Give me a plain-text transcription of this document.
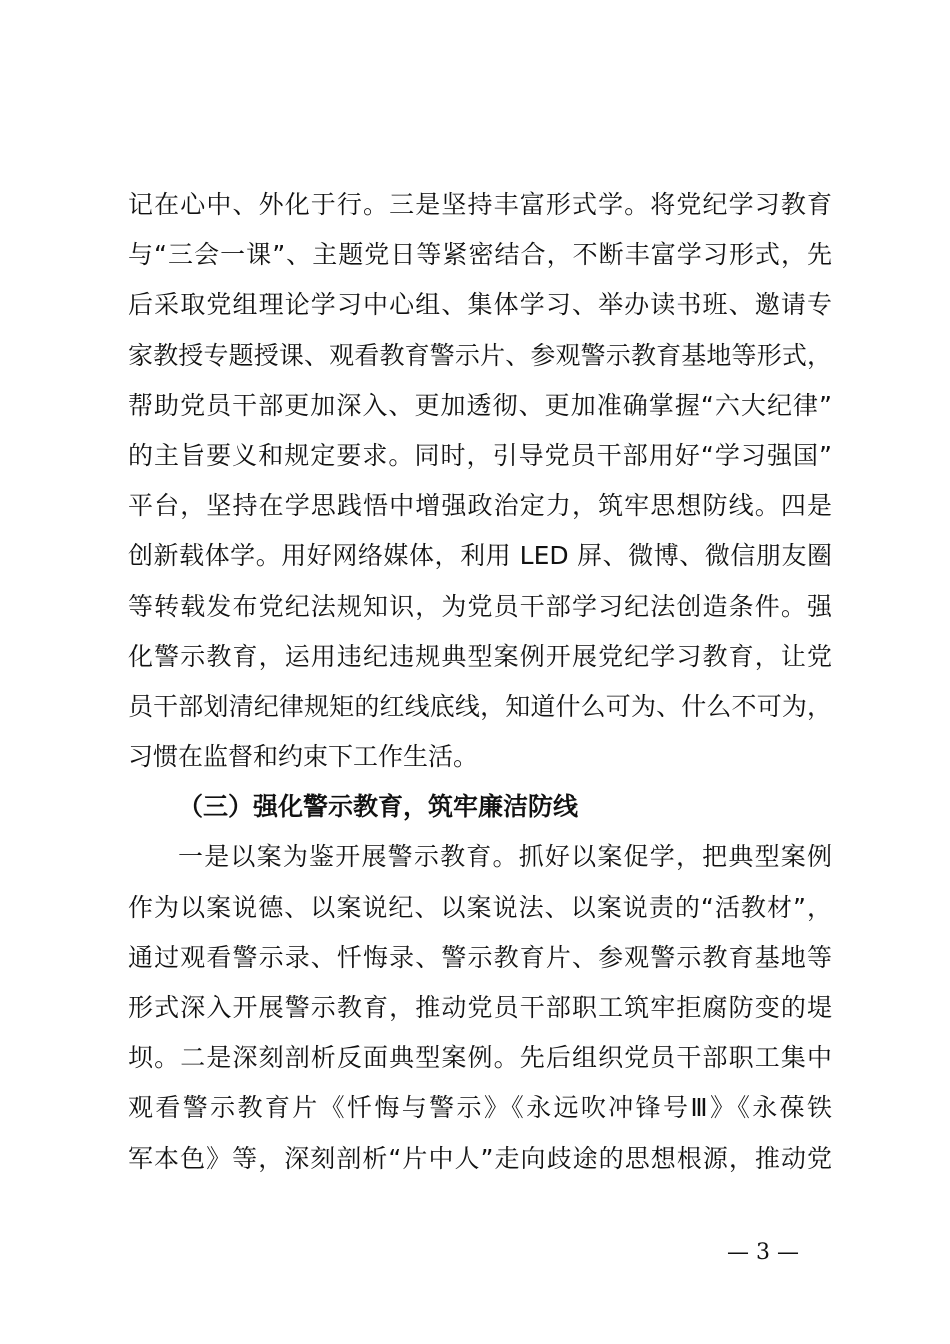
记在心中、外化于行。三是坚持丰富形式学。将党纪学习教育
与“三会一课”、主题党日等紧密结合，不断丰富学习形式，先
后采取党组理论学习中心组、集体学习、举办读书班、邀请专
家教授专题授课、观看教育警示片、参观警示教育基地等形式，
帮助党员干部更加深入、更加透彻、更加准确掌握“六大纪律”
的主旨要义和规定要求。同时，引导党员干部用好“学习强国”
平台，坚持在学思践悟中增强政治定力，筑牢思想防线。四是
创新载体学。用好网络媒体，利用 LED 屏、微博、微信朋友圈
等转载发布党纪法规知识，为党员干部学习纪法创造条件。强
化警示教育，运用违纪违规典型案例开展党纪学习教育，让党
员干部划清纪律规矩的红线底线，知道什么可为、什么不可为，
习惯在监督和约束下工作生活。
（三）强化警示教育，筑牢廉洁防线
一是以案为鉴开展警示教育。抓好以案促学，把典型案例
作为以案说德、以案说纪、以案说法、以案说责的“活教材”，
通过观看警示录、忏悔录、警示教育片、参观警示教育基地等
形式深入开展警示教育，推动党员干部职工筑牢拒腐防变的堤
坝。二是深刻剖析反面典型案例。先后组织党员干部职工集中
观看警示教育片《忏悔与警示》《永远吹冲锋号Ⅲ》《永葆铁
军本色》等，深刻剖析“片中人”走向歧途的思想根源，推动党
— 3 —
